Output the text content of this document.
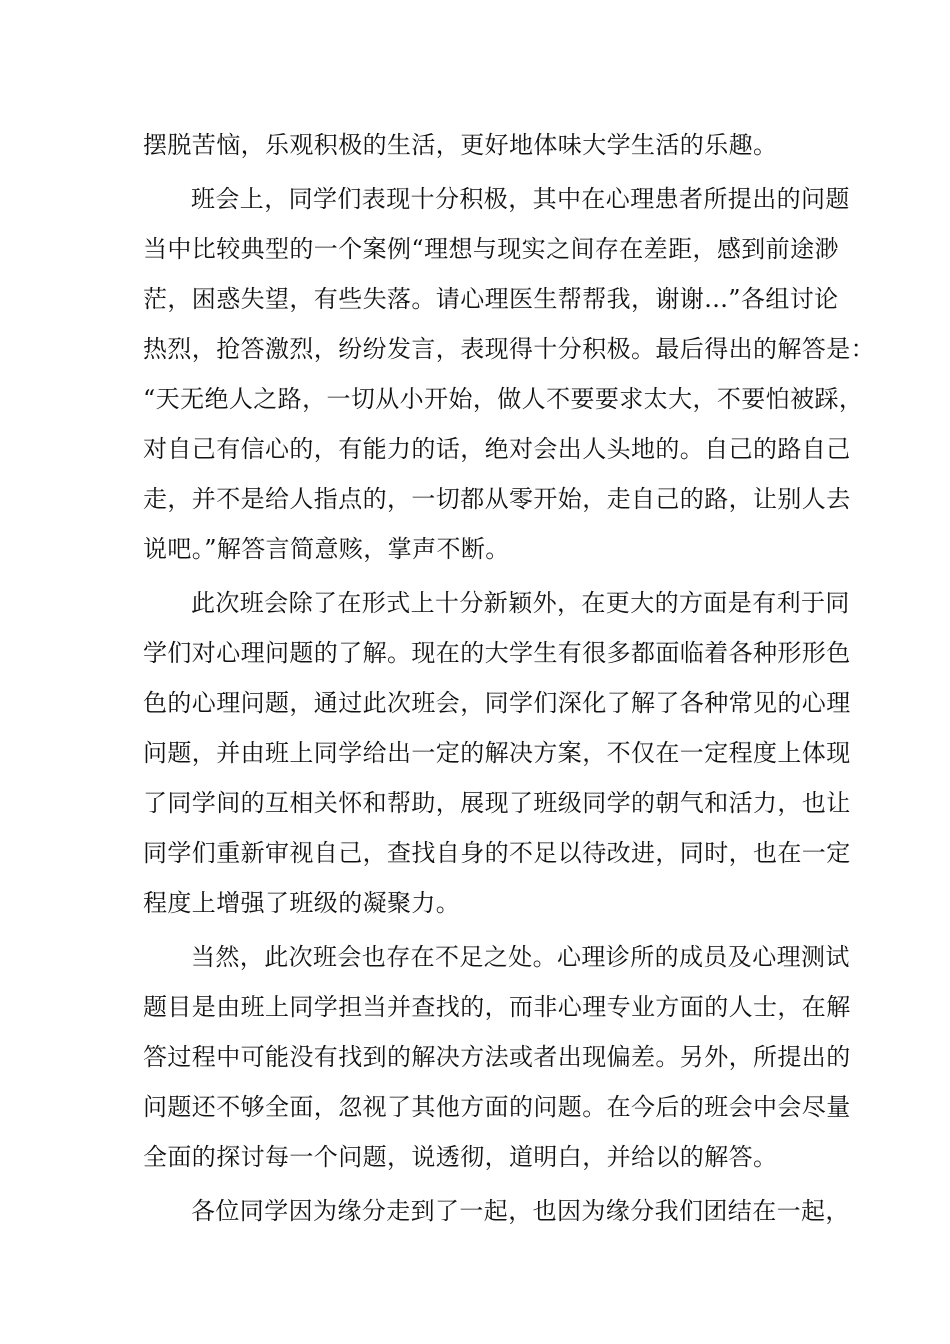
摆脱苦恼，乐观积极的生活，更好地体味大学生活的乐趣。

班会上，同学们表现十分积极，其中在心理患者所提出的问题
当中比较典型的一个案例“理想与现实之间存在差距，感到前途渺
茫，困惑失望，有些失落。请心理医生帮帮我，谢谢...”各组讨论
热烈，抢答激烈，纷纷发言，表现得十分积极。最后得出的解答是：
“天无绝人之路，一切从小开始，做人不要要求太大，不要怕被踩，
对自己有信心的，有能力的话，绝对会出人头地的。自己的路自己
走，并不是给人指点的，一切都从零开始，走自己的路，让别人去
说吧。”解答言简意赅，掌声不断。

此次班会除了在形式上十分新颖外，在更大的方面是有利于同
学们对心理问题的了解。现在的大学生有很多都面临着各种形形色
色的心理问题，通过此次班会，同学们深化了解了各种常见的心理
问题，并由班上同学给出一定的解决方案，不仅在一定程度上体现
了同学间的互相关怀和帮助，展现了班级同学的朝气和活力，也让
同学们重新审视自己，查找自身的不足以待改进，同时，也在一定
程度上增强了班级的凝聚力。

当然，此次班会也存在不足之处。心理诊所的成员及心理测试
题目是由班上同学担当并查找的，而非心理专业方面的人士，在解
答过程中可能没有找到的解决方法或者出现偏差。另外，所提出的
问题还不够全面，忽视了其他方面的问题。在今后的班会中会尽量
全面的探讨每一个问题，说透彻，道明白，并给以的解答。

各位同学因为缘分走到了一起，也因为缘分我们团结在一起，
